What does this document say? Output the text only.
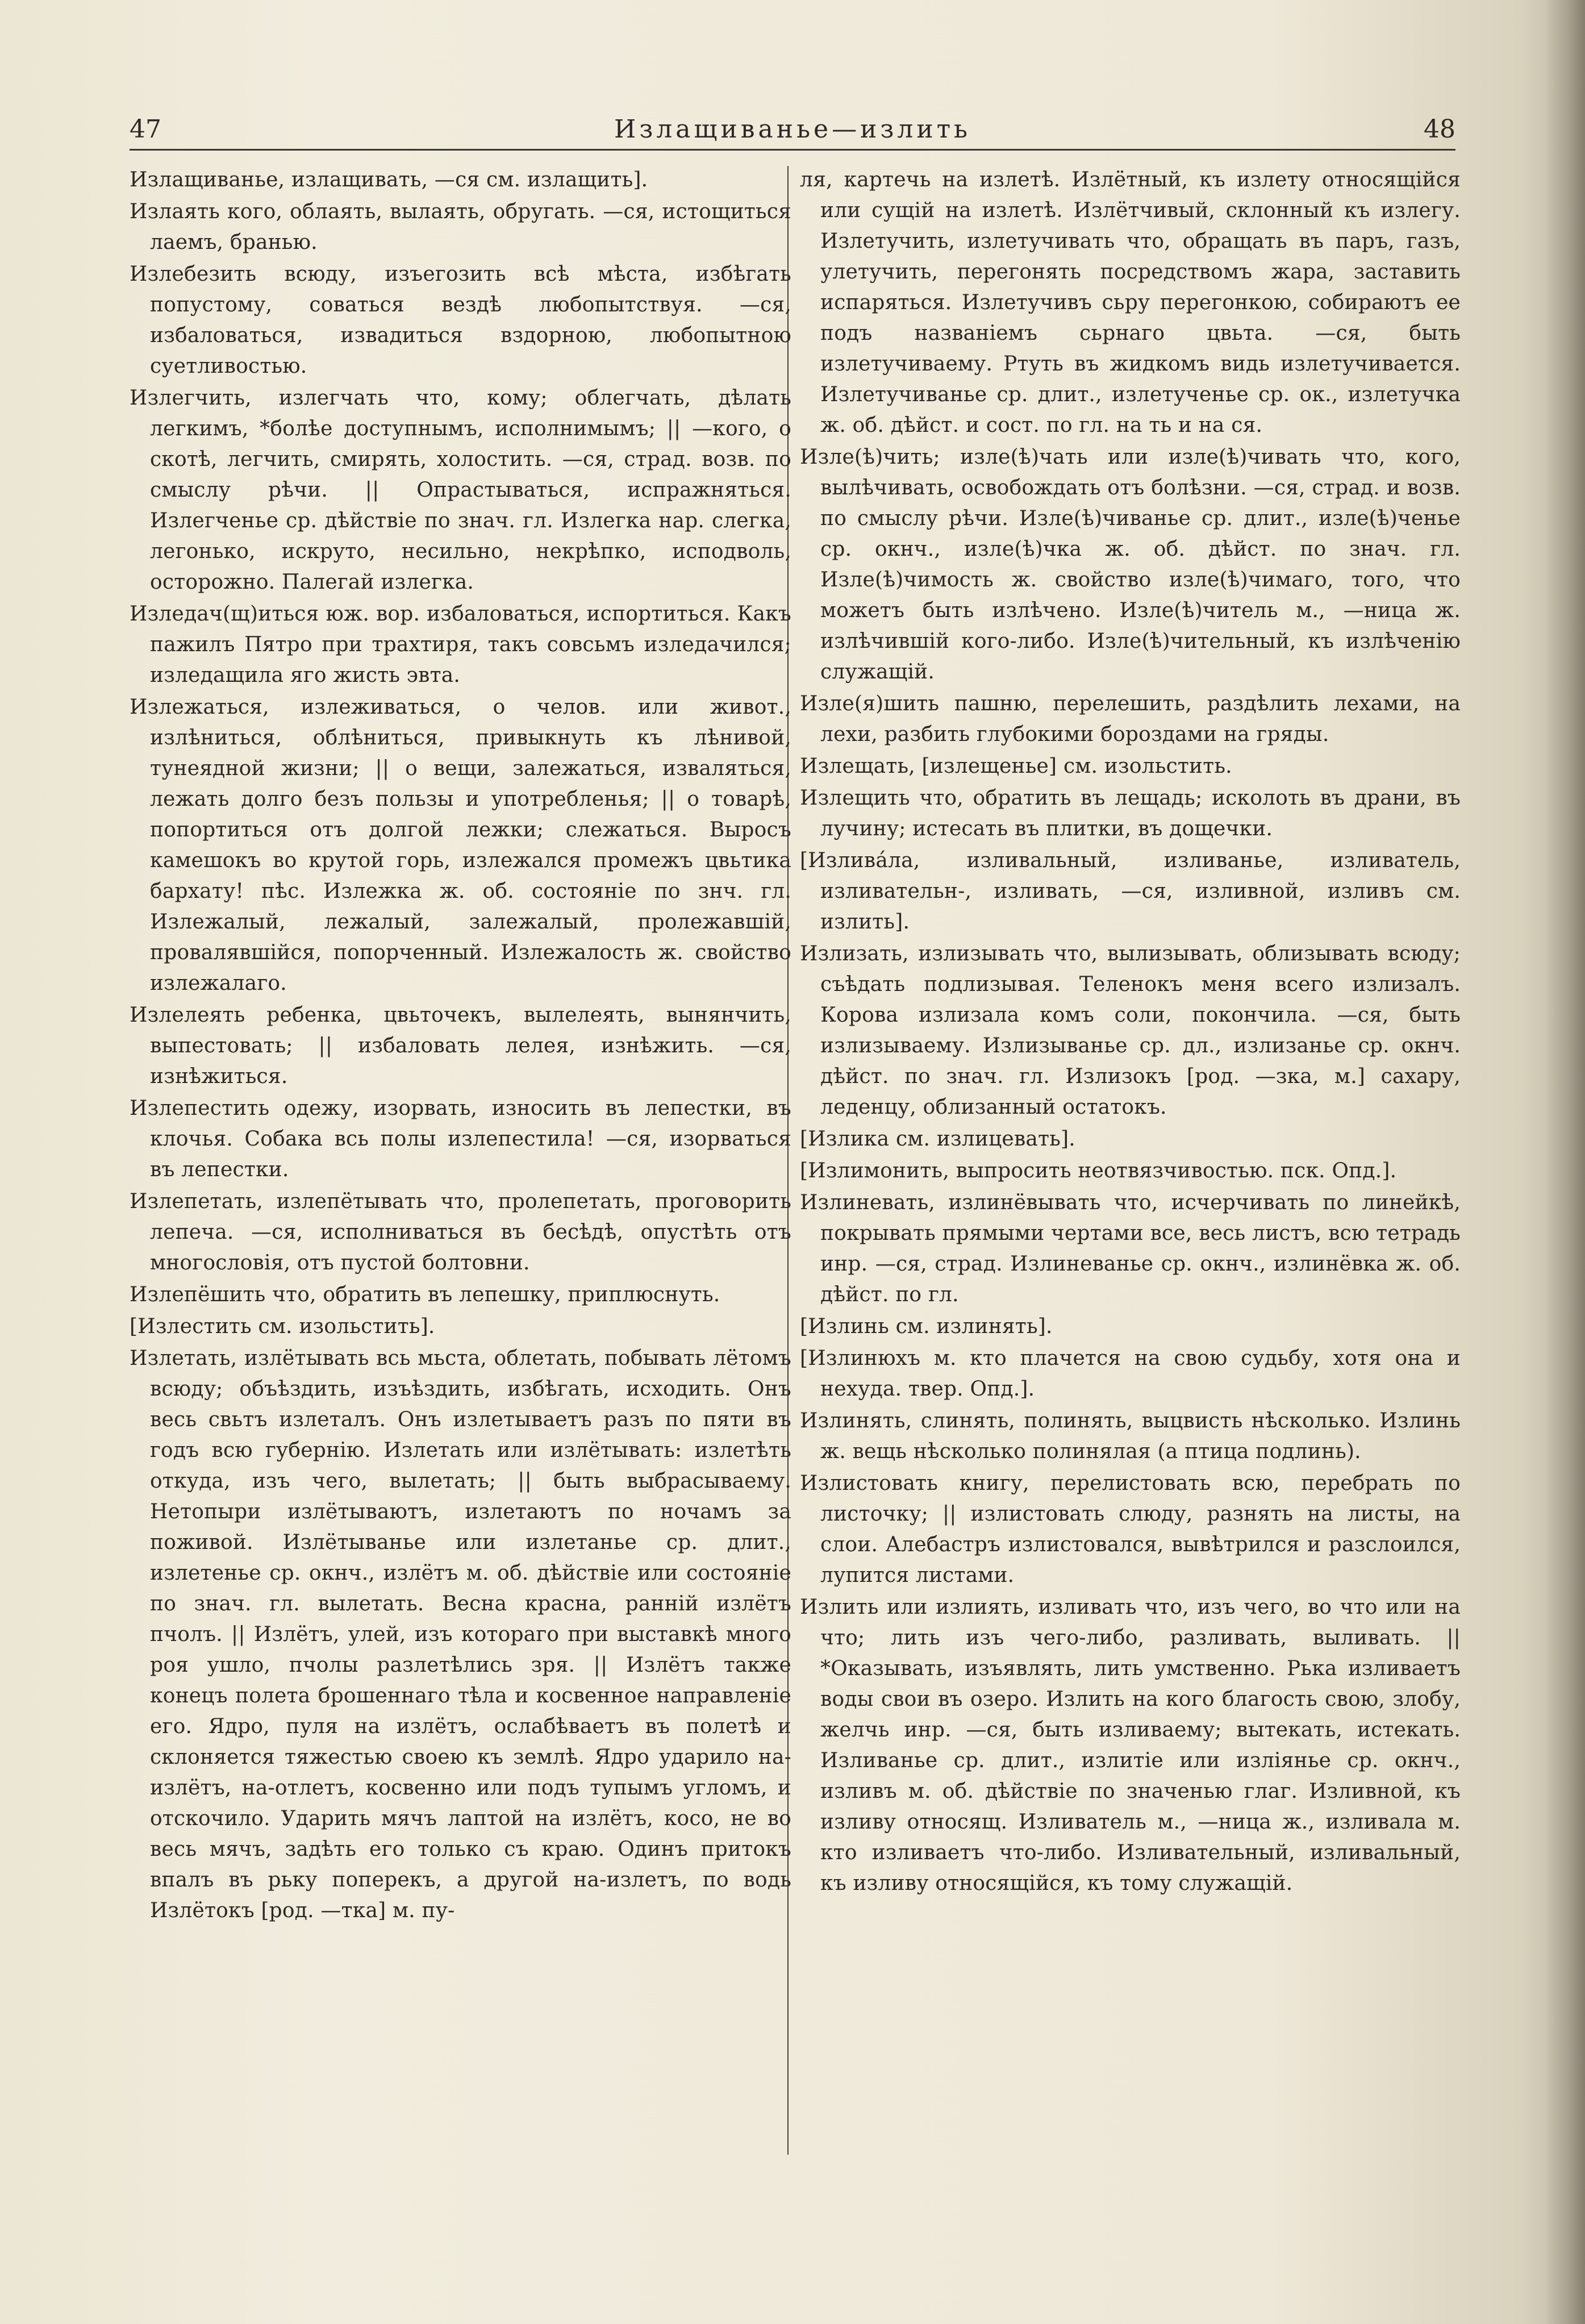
47	Излащиванье—излить	48

Излащиванье, излащивать, —ся см. излащить].

Излаять кого, облаять, вылаять, обругать. —ся, истощиться лаемъ, бранью.

Излебезить всюду, изъегозить всѣ мѣста, избѣгать попустому, соваться вездѣ любопытствуя. —ся, избаловаться, извадиться вздорною, любопытною суетливостью.

Излегчить, излегчать что, кому; облегчать, дѣлать легкимъ, *болѣе доступнымъ, исполнимымъ; || —кого, о скотѣ, легчить, смирять, холостить. —ся, страд. возв. по смыслу рѣчи. || Опрастываться, испражняться. Излегченье ср. дѣйствіе по знач. гл. Излегка нар. слегка, легонько, искруто, несильно, некрѣпко, исподволь, осторожно. Палегай излегка.

Изледач(щ)иться юж. вор. избаловаться, испортиться. Какъ пажилъ Пятро при трахтиря, такъ совсьмъ изледачился; изледащила яго жисть эвта.

Излежаться, излеживаться, о челов. или живот., излѣниться, облѣниться, привыкнуть къ лѣнивой, тунеядной жизни; || о вещи, залежаться, изваляться, лежать долго безъ пользы и употребленья; || о товарѣ, попортиться отъ долгой лежки; слежаться. Выросъ камешокъ во крутой горь, излежался промежъ цвьтика бархату! пѣс. Излежка ж. об. состояніе по знч. гл. Излежалый, лежалый, залежалый, пролежавшій, провалявшійся, попорченный. Излежалость ж. свойство излежалаго.

Излелеять ребенка, цвьточекъ, вылелеять, вынянчить, выпестовать; || избаловать лелея, изнѣжить. —ся, изнѣжиться.

Излепестить одежу, изорвать, износить въ лепестки, въ клочья. Собака всь полы излепестила! —ся, изорваться въ лепестки.

Излепетать, излепётывать что, пролепетать, проговорить лепеча. —ся, исполниваться въ бесѣдѣ, опустѣть отъ многословія, отъ пустой болтовни.

Излепёшить что, обратить въ лепешку, приплюснуть.

[Излестить см. изольстить].

Излетать, излётывать всь мьста, облетать, побывать лётомъ всюду; объѣздить, изъѣздить, избѣгать, исходить. Онъ весь свьтъ излеталъ. Онъ излетываетъ разъ по пяти въ годъ всю губернію. Излетать или излётывать: излетѣть откуда, изъ чего, вылетать; || быть выбрасываему. Нетопыри излётываютъ, излетаютъ по ночамъ за поживой. Излётыванье или излетанье ср. длит., излетенье ср. окнч., излётъ м. об. дѣйствіе или состояніе по знач. гл. вылетать. Весна красна, раннiй излётъ пчолъ. || Излётъ, улей, изъ котораго при выставкѣ много роя ушло, пчолы разлетѣлись зря. || Излётъ также конецъ полета брошеннаго тѣла и косвенное направленіе его. Ядро, пуля на излётъ, ослабѣваетъ въ полетѣ и склоняется тяжестью своею къ землѣ. Ядро ударило на-излётъ, на-отлетъ, косвенно или подъ тупымъ угломъ, и отскочило. Ударить мячъ лаптой на излётъ, косо, не во весь мячъ, задѣть его только съ краю. Одинъ притокъ впалъ въ рьку поперекъ, а другой на-излетъ, по водь Излётокъ [род. —тка] м. пу-

ля, картечь на излетѣ. Излётный, къ излету относящійся или сущій на излетѣ. Излётчивый, склонный къ излегу. Излетучить, излетучивать что, обращать въ паръ, газъ, улетучить, перегонять посредствомъ жара, заставить испаряться. Излетучивъ сьру перегонкою, собираютъ ее подъ названіемъ сьрнаго цвьта. —ся, быть излетучиваему. Ртуть въ жидкомъ видь излетучивается. Излетучиванье ср. длит., излетученье ср. ок., излетучка ж. об. дѣйст. и сост. по гл. на ть и на ся.

Изле(ѣ)чить; изле(ѣ)чать или изле(ѣ)чивать что, кого, вылѣчивать, освобождать отъ болѣзни. —ся, страд. и возв. по смыслу рѣчи. Изле(ѣ)чиванье ср. длит., изле(ѣ)ченье ср. окнч., изле(ѣ)чка ж. об. дѣйст. по знач. гл. Изле(ѣ)чимость ж. свойство изле(ѣ)чимаго, того, что можетъ быть излѣчено. Изле(ѣ)читель м., —ница ж. излѣчившій кого-либо. Изле(ѣ)чительный, къ излѣченію служащій.

Изле(я)шить пашню, перелешить, раздѣлить лехами, на лехи, разбить глубокими бороздами на гряды.

Излещать, [излещенье] см. изольстить.

Излещить что, обратить въ лещадь; исколоть въ драни, въ лучину; истесать въ плитки, въ дощечки.

[Излива́ла, изливальный, изливанье, изливатель, изливательн-, изливать, —ся, изливной, изливъ см. излить].

Излизать, излизывать что, вылизывать, облизывать всюду; съѣдать подлизывая. Теленокъ меня всего излизалъ. Корова излизала комъ соли, покончила. —ся, быть излизываему. Излизыванье ср. дл., излизанье ср. окнч. дѣйст. по знач. гл. Излизокъ [род. —зка, м.] сахару, леденцу, облизанный остатокъ.

[Излика см. излицевать].

[Излимонить, выпросить неотвязчивостью. пск. Опд.].

Излиневать, излинёвывать что, исчерчивать по линейкѣ, покрывать прямыми чертами все, весь листъ, всю тетрадь инр. —ся, страд. Излиневанье ср. окнч., излинёвка ж. об. дѣйст. по гл.

[Излинь см. излинять].

[Излинюхъ м. кто плачется на свою судьбу, хотя она и нехуда. твер. Опд.].

Излинять, слинять, полинять, выцвисть нѣсколько. Излинь ж. вещь нѣсколько полинялая (а птица подлинь).

Излистовать книгу, перелистовать всю, перебрать по листочку; || излистовать слюду, разнять на листы, на слои. Алебастръ излистовался, вывѣтрился и разслоился, лупится листами.

Излить или излиять, изливать что, изъ чего, во что или на что; лить изъ чего-либо, разливать, выливать. || *Оказывать, изъявлять, лить умственно. Рька изливаетъ воды свои въ озеро. Излить на кого благость свою, злобу, желчь инр. —ся, быть изливаему; вытекать, истекать. Изливанье ср. длит., излитіе или изліянье ср. окнч., изливъ м. об. дѣйствіе по значенью глаг. Изливной, къ изливу относящ. Изливатель м., —ница ж., изливала м. кто изливаетъ что-либо. Изливательный, изливальный, къ изливу относящійся, къ тому служащій.
